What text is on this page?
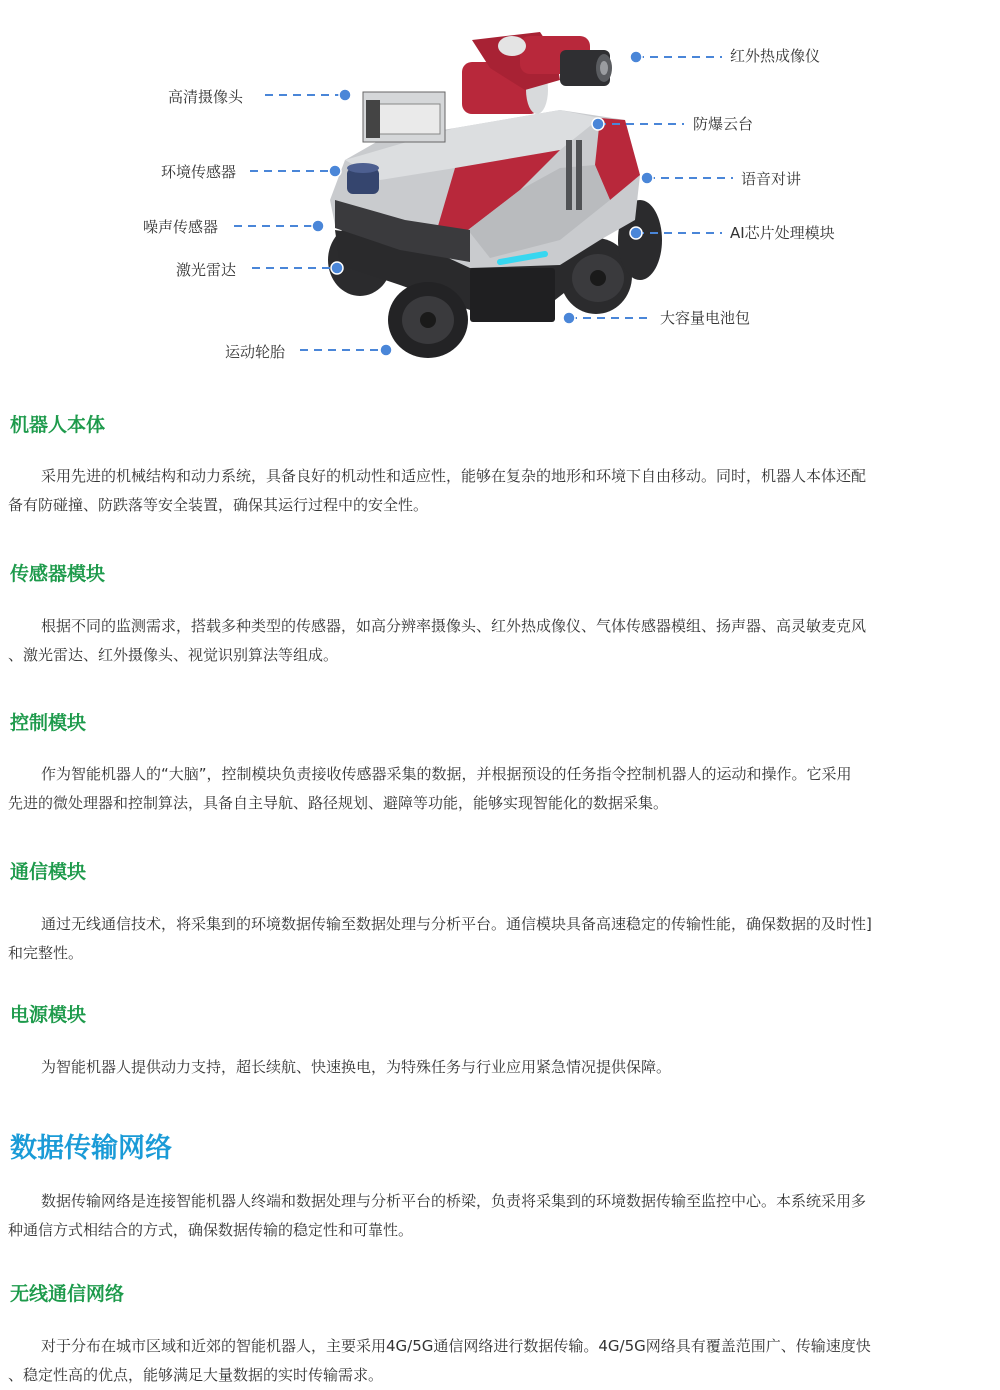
红外热成像仪
高清摄像头
防爆云台
环境传感器	语音对讲
噪声传感器	AI芯片处理模块
激光雷达
大容量电池包
运动轮胎
机器人本体

采用先进的机械结构和动力系统，具备良好的机动性和适应性，能够在复杂的地形和环境下自由移动。同时，机器人本体还配

备有防碰撞、防跌落等安全装置，确保其运行过程中的安全性。

传感器模块

根据不同的监测需求，搭载多种类型的传感器，如高分辨率摄像头、红外热成像仪、气体传感器模组、扬声器、高灵敏麦克风

、激光雷达、红外摄像头、视觉识别算法等组成。

控制模块

作为智能机器人的“大脑”，控制模块负责接收传感器采集的数据，并根据预设的任务指令控制机器人的运动和操作。它采用

先进的微处理器和控制算法，具备自主导航、路径规划、避障等功能，能够实现智能化的数据采集。

通信模块

通过无线通信技术，将采集到的环境数据传输至数据处理与分析平台。通信模块具备高速稳定的传输性能，确保数据的及时性]

和完整性。

电源模块

为智能机器人提供动力支持，超长续航、快速换电，为特殊任务与行业应用紧急情况提供保障。

数据传输网络

数据传输网络是连接智能机器人终端和数据处理与分析平台的桥梁，负责将采集到的环境数据传输至监控中心。本系统采用多

种通信方式相结合的方式，确保数据传输的稳定性和可靠性。

无线通信网络

对于分布在城市区域和近郊的智能机器人，主要采用4G/5G通信网络进行数据传输。4G/5G网络具有覆盖范围广、传输速度快

、稳定性高的优点，能够满足大量数据的实时传输需求。
